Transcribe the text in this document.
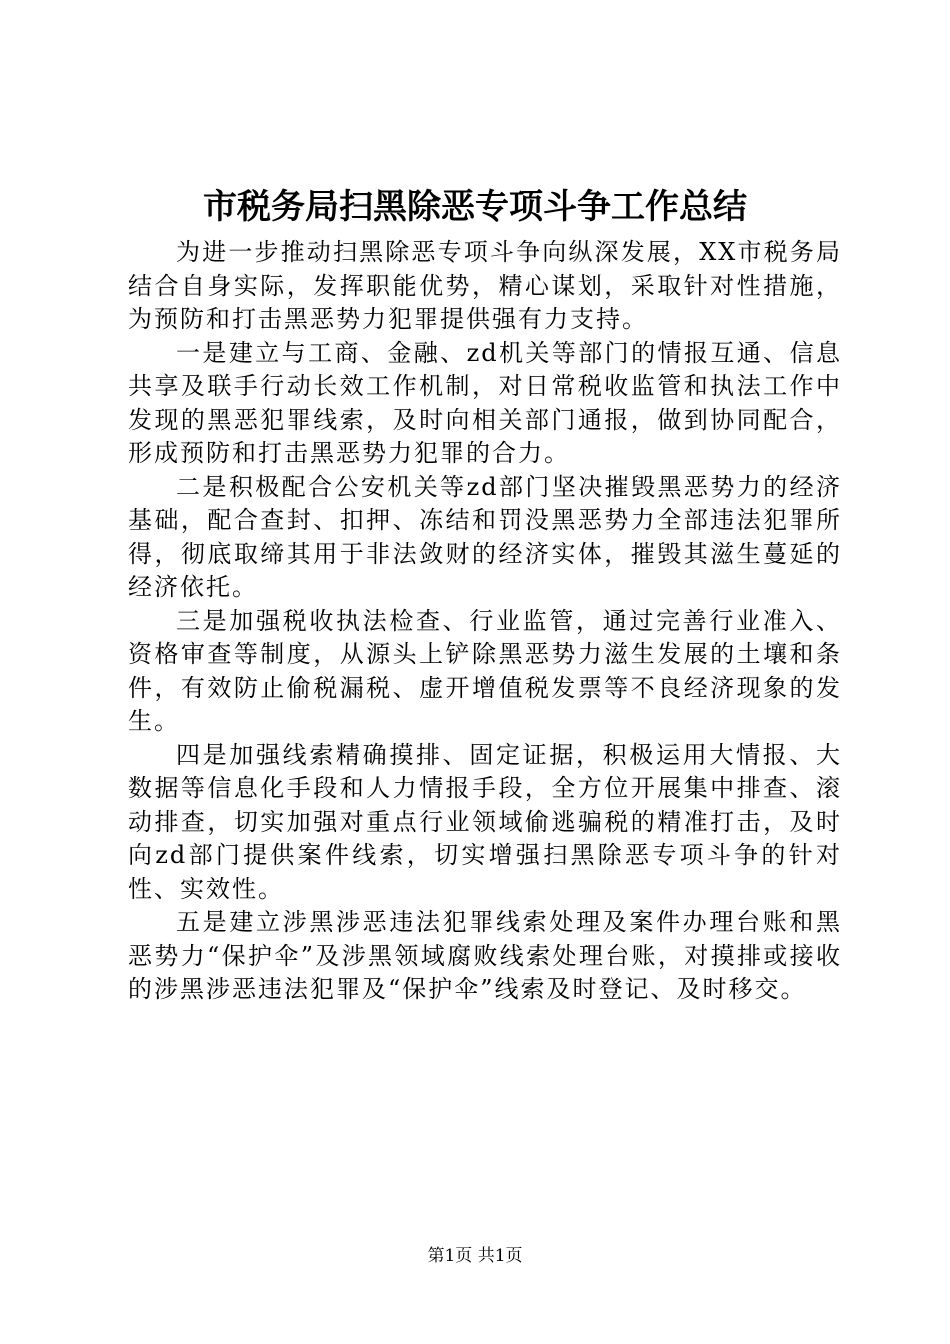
市税务局扫黑除恶专项斗争工作总结

为进一步推动扫黑除恶专项斗争向纵深发展，XX市税务局结合自身实际，发挥职能优势，精心谋划，采取针对性措施，为预防和打击黑恶势力犯罪提供强有力支持。

一是建立与工商、金融、zd机关等部门的情报互通、信息共享及联手行动长效工作机制，对日常税收监管和执法工作中发现的黑恶犯罪线索，及时向相关部门通报，做到协同配合，形成预防和打击黑恶势力犯罪的合力。

二是积极配合公安机关等zd部门坚决摧毁黑恶势力的经济基础，配合查封、扣押、冻结和罚没黑恶势力全部违法犯罪所得，彻底取缔其用于非法敛财的经济实体，摧毁其滋生蔓延的经济依托。

三是加强税收执法检查、行业监管，通过完善行业准入、资格审查等制度，从源头上铲除黑恶势力滋生发展的土壤和条件，有效防止偷税漏税、虚开增值税发票等不良经济现象的发生。

四是加强线索精确摸排、固定证据，积极运用大情报、大数据等信息化手段和人力情报手段，全方位开展集中排查、滚动排查，切实加强对重点行业领域偷逃骗税的精准打击，及时向zd部门提供案件线索，切实增强扫黑除恶专项斗争的针对性、实效性。

五是建立涉黑涉恶违法犯罪线索处理及案件办理台账和黑恶势力“保护伞”及涉黑领域腐败线索处理台账，对摸排或接收的涉黑涉恶违法犯罪及“保护伞”线索及时登记、及时移交。

第1页 共1页
